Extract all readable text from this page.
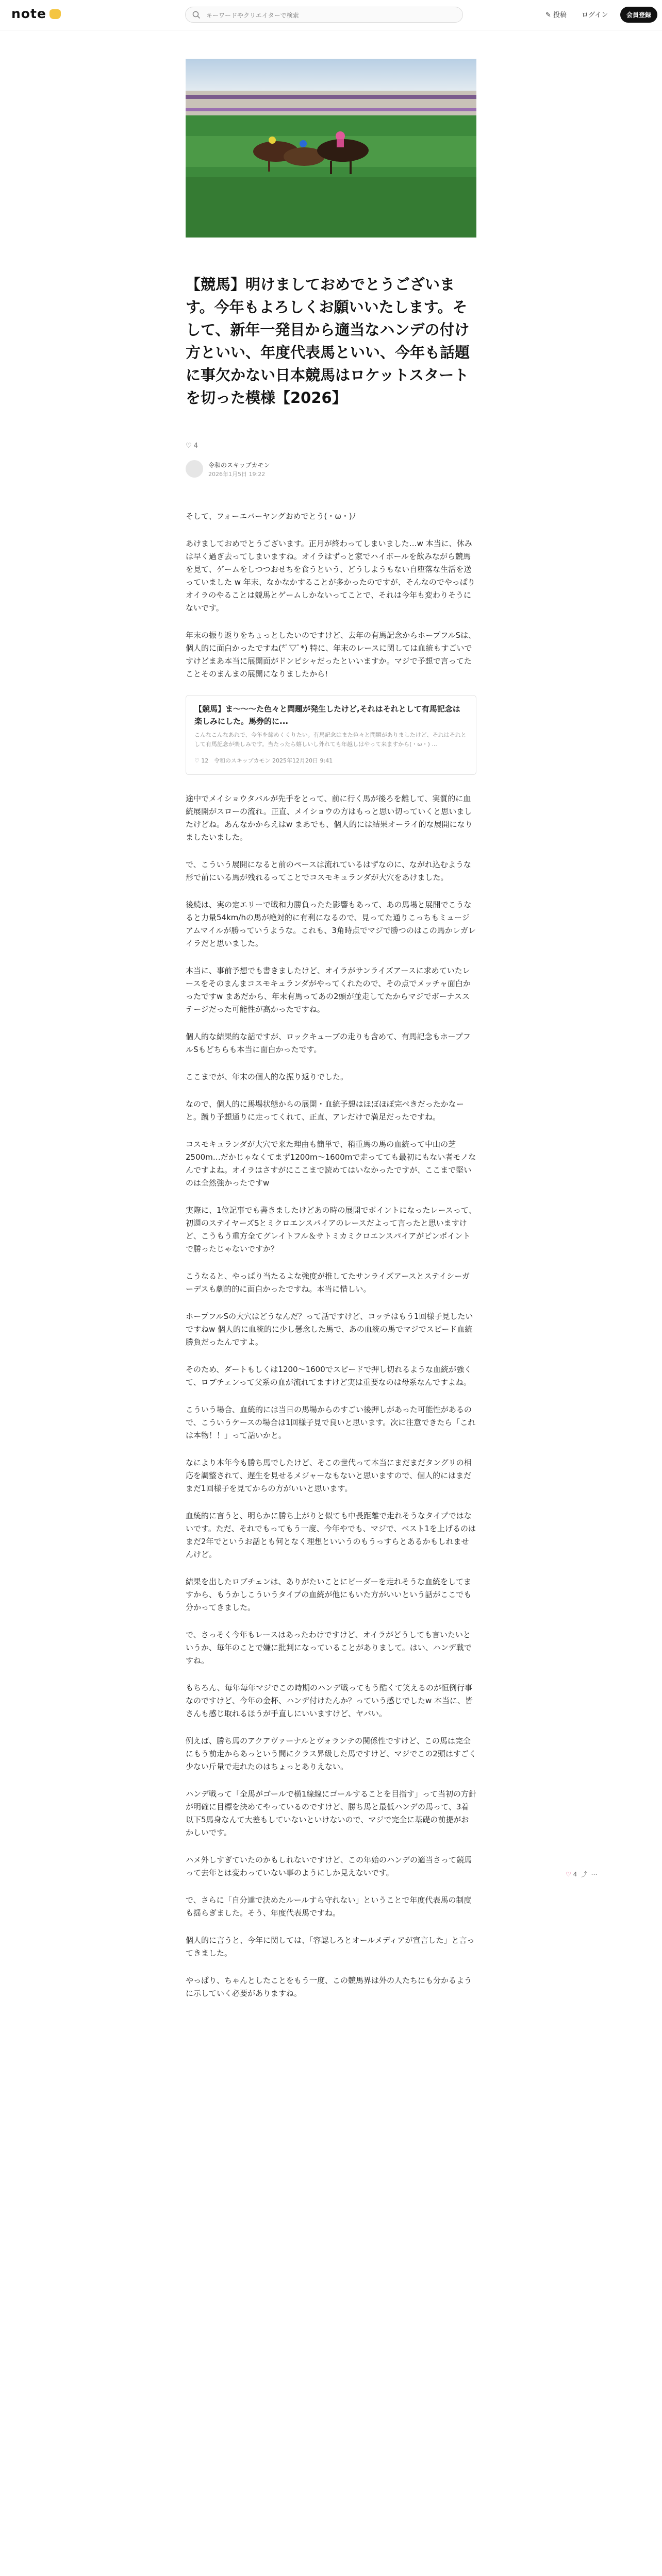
note
キーワードやクリエイターで検索	✎ 投稿 ログイン	会員登録
【競馬】明けましておめでとうございます。今年もよろしくお願いいたします。そして、新年一発目から適当なハンデの付け方といい、年度代表馬といい、今年も話題に事欠かない日本競馬はロケットスタートを切った模様【2026】
♡ 4
令和のスキップカモン
2026年1月5日 19:22

そして、フォーエバーヤングおめでとう(・ω・)ﾉ

あけましておめでとうございます。正月が終わってしまいました…w 本当に、休みは早く過ぎ去ってしまいますね。オイラはずっと家でハイボールを飲みながら競馬を見て、ゲームをしつつおせちを食うという、どうしようもない自堕落な生活を送っていました w 年末、なかなかすることが多かったのですが、そんなのでやっぱりオイラのやることは競馬とゲームしかないってことで、それは今年も変わりそうにないです。

年末の振り返りをちょっとしたいのですけど、去年の有馬記念からホープフルSは、個人的に面白かったですね(*ﾟ▽ﾟ*) 特に、年末のレースに関しては血統もすごいですけどまあ本当に展開面がドンピシャだったといいますか。マジで予想で言ってたことそのまんまの展開になりましたから!

【競馬】ま〜〜〜た色々と問題が発生したけど,それはそれとして有馬記念は楽しみにした。馬券的に...
こんなこんなあれで、今年を締めくくりたい。有馬記念はまた色々と問題がありましたけど、それはそれとして有馬記念が楽しみです。当たったら嬉しいし外れても年越しはやって来ますから(・ω・) ...
♡ 12 令和のスキップカモン 2025年12月20日 9:41

途中でメイショウタバルが先手をとって、前に行く馬が後ろを離して、実質的に血統展開がスローの流れ。正直、メイショウの方はもっと思い切っていくと思いましたけどね。あんなかからえはw まあでも、個人的には結果オーライ的な展開になりましたいました。

で、こういう展開になると前のペースは流れているはずなのに、ながれ込むような形で前にいる馬が残れるってことでコスモキュランダが大穴をあけました。

後続は、実の定エリーで戦和力勝負ったた影響もあって、あの馬場と展開でこうなると力量54km/hの馬が絶対的に有利になるので、見ってた通りこっちもミュージアムマイルが勝っていうような。これも、3角時点でマジで勝つのはこの馬かレガレイラだと思いました。

本当に、事前予想でも書きましたけど、オイラがサンライズアースに求めていたレースをそのまんまコスモキュランダがやってくれたので、その点でメッチャ面白かったですw まあだから、年末有馬ってあの2頭が並走してたからマジでボーナスステージだった可能性が高かったですね。

個人的な結果的な話ですが、ロックキューブの走りも含めて、有馬記念もホープフルSもどちらも本当に面白かったです。

ここまでが、年末の個人的な振り返りでした。

なので、個人的に馬場状態からの展開・血統予想はほぼほぼ完ぺきだったかなーと。蹴り予想通りに走ってくれて、正直、アレだけで満足だったですね。

コスモキュランダが大穴で来た理由も簡単で、稍重馬の馬の血統って中山の芝2500m…だかじゃなくてまず1200m〜1600mで走ってても最初にもない者モノなんですよね。オイラはさすがにここまで読めてはいなかったですが、ここまで堅いのは全然強かったですw

実際に、1位記事でも書きましたけどあの時の展開でポイントになったレースって、初週のステイヤーズSとミクロエンスパイアのレースだよって言ったと思いますけど、こうもう重方全てグレイトフル＆サトミカミクロエンスパイアがピンポイントで勝ったじゃないですか？

こうなると、やっぱり当たるよな強度が推してたサンライズアースとステイシーガーデスも劇的的に面白かったですね。本当に惜しい。

ホープフルSの大穴はどうなんだ？って話ですけど、コッチはもう1回様子見したいですねw 個人的に血統的に少し懸念した馬で、あの血統の馬でマジでスピード血統勝負だったんですよ。

そのため、ダートもしくは1200〜1600でスピードで押し切れるような血統が強くて、ロブチェンって父系の血が流れてますけど実は重要なのは母系なんですよね。

こういう場合、血統的には当日の馬場からのすごい後押しがあった可能性があるので、こういうケースの場合は1回様子見で良いと思います。次に注意できたら「これは本物！！」って話いかと。

なにより本年今も勝ち馬でしたけど、そこの世代って本当にまだまだタングリの相応を調整されて、遅生を見せるメジャーなもないと思いますので、個人的にはまだまだ1回様子を見てからの方がいいと思います。

血統的に言うと、明らかに勝ち上がりと似ても中長距離で走れそうなタイプではないです。ただ、それでもってもう一度、今年やでも、マジで、ベスト1を上げるのはまだ2年でというお話とも何となく理想といいうのもうっすらとあるかもしれませんけど。

結果を出したロブチェンは、ありがたいことにビーダーを走れそうな血統をしてますから、もうかしこういうタイプの血統が他にもいた方がいいという話がここでも分かってきました。

で、さっそく今年もレースはあったわけですけど、オイラがどうしても言いたいというか、毎年のことで嫌に批判になっていることがありまして。はい、ハンデ戦ですね。

もちろん、毎年毎年マジでこの時期のハンデ戦ってもう酷くて笑えるのが恒例行事なのですけど、今年の金杯、ハンデ付けたんか？っていう感じでしたw 本当に、皆さんも感じ取れるほうが手直しにいいますけど、ヤバい。

例えば、勝ち馬のアクアヴァーナルとヴォランテの関係性ですけど、この馬は完全にもう前走からあっという間にクラス昇級した馬ですけど、マジでこの2頭はすごく少ない斤量で走れたのはちょっとありえない。

ハンデ戦って「全馬がゴールで横1線線にゴールすることを目指す」って当初の方針が明確に目標を決めてやっているのですけど、勝ち馬と最低ハンデの馬って、3着以下5馬身なんて大差もしていないといけないので、マジで完全に基礎の前提がおかしいです。

ハメ外しすぎていたのかもしれないですけど、この年始のハンデの適当さって競馬って去年とは変わっていない事のようにしか見えないです。

で、さらに「自分達で決めたルールすら守れない」ということで年度代表馬の制度も揺らぎました。そう、年度代表馬ですね。

個人的に言うと、今年に関しては、「容認しろとオールメディアが宣言した」と言ってきました。

やっぱり、ちゃんとしたことをもう一度、この競馬界は外の人たちにも分かるように示していく必要がありますね。

♡ 4 ⤴ ⋯
